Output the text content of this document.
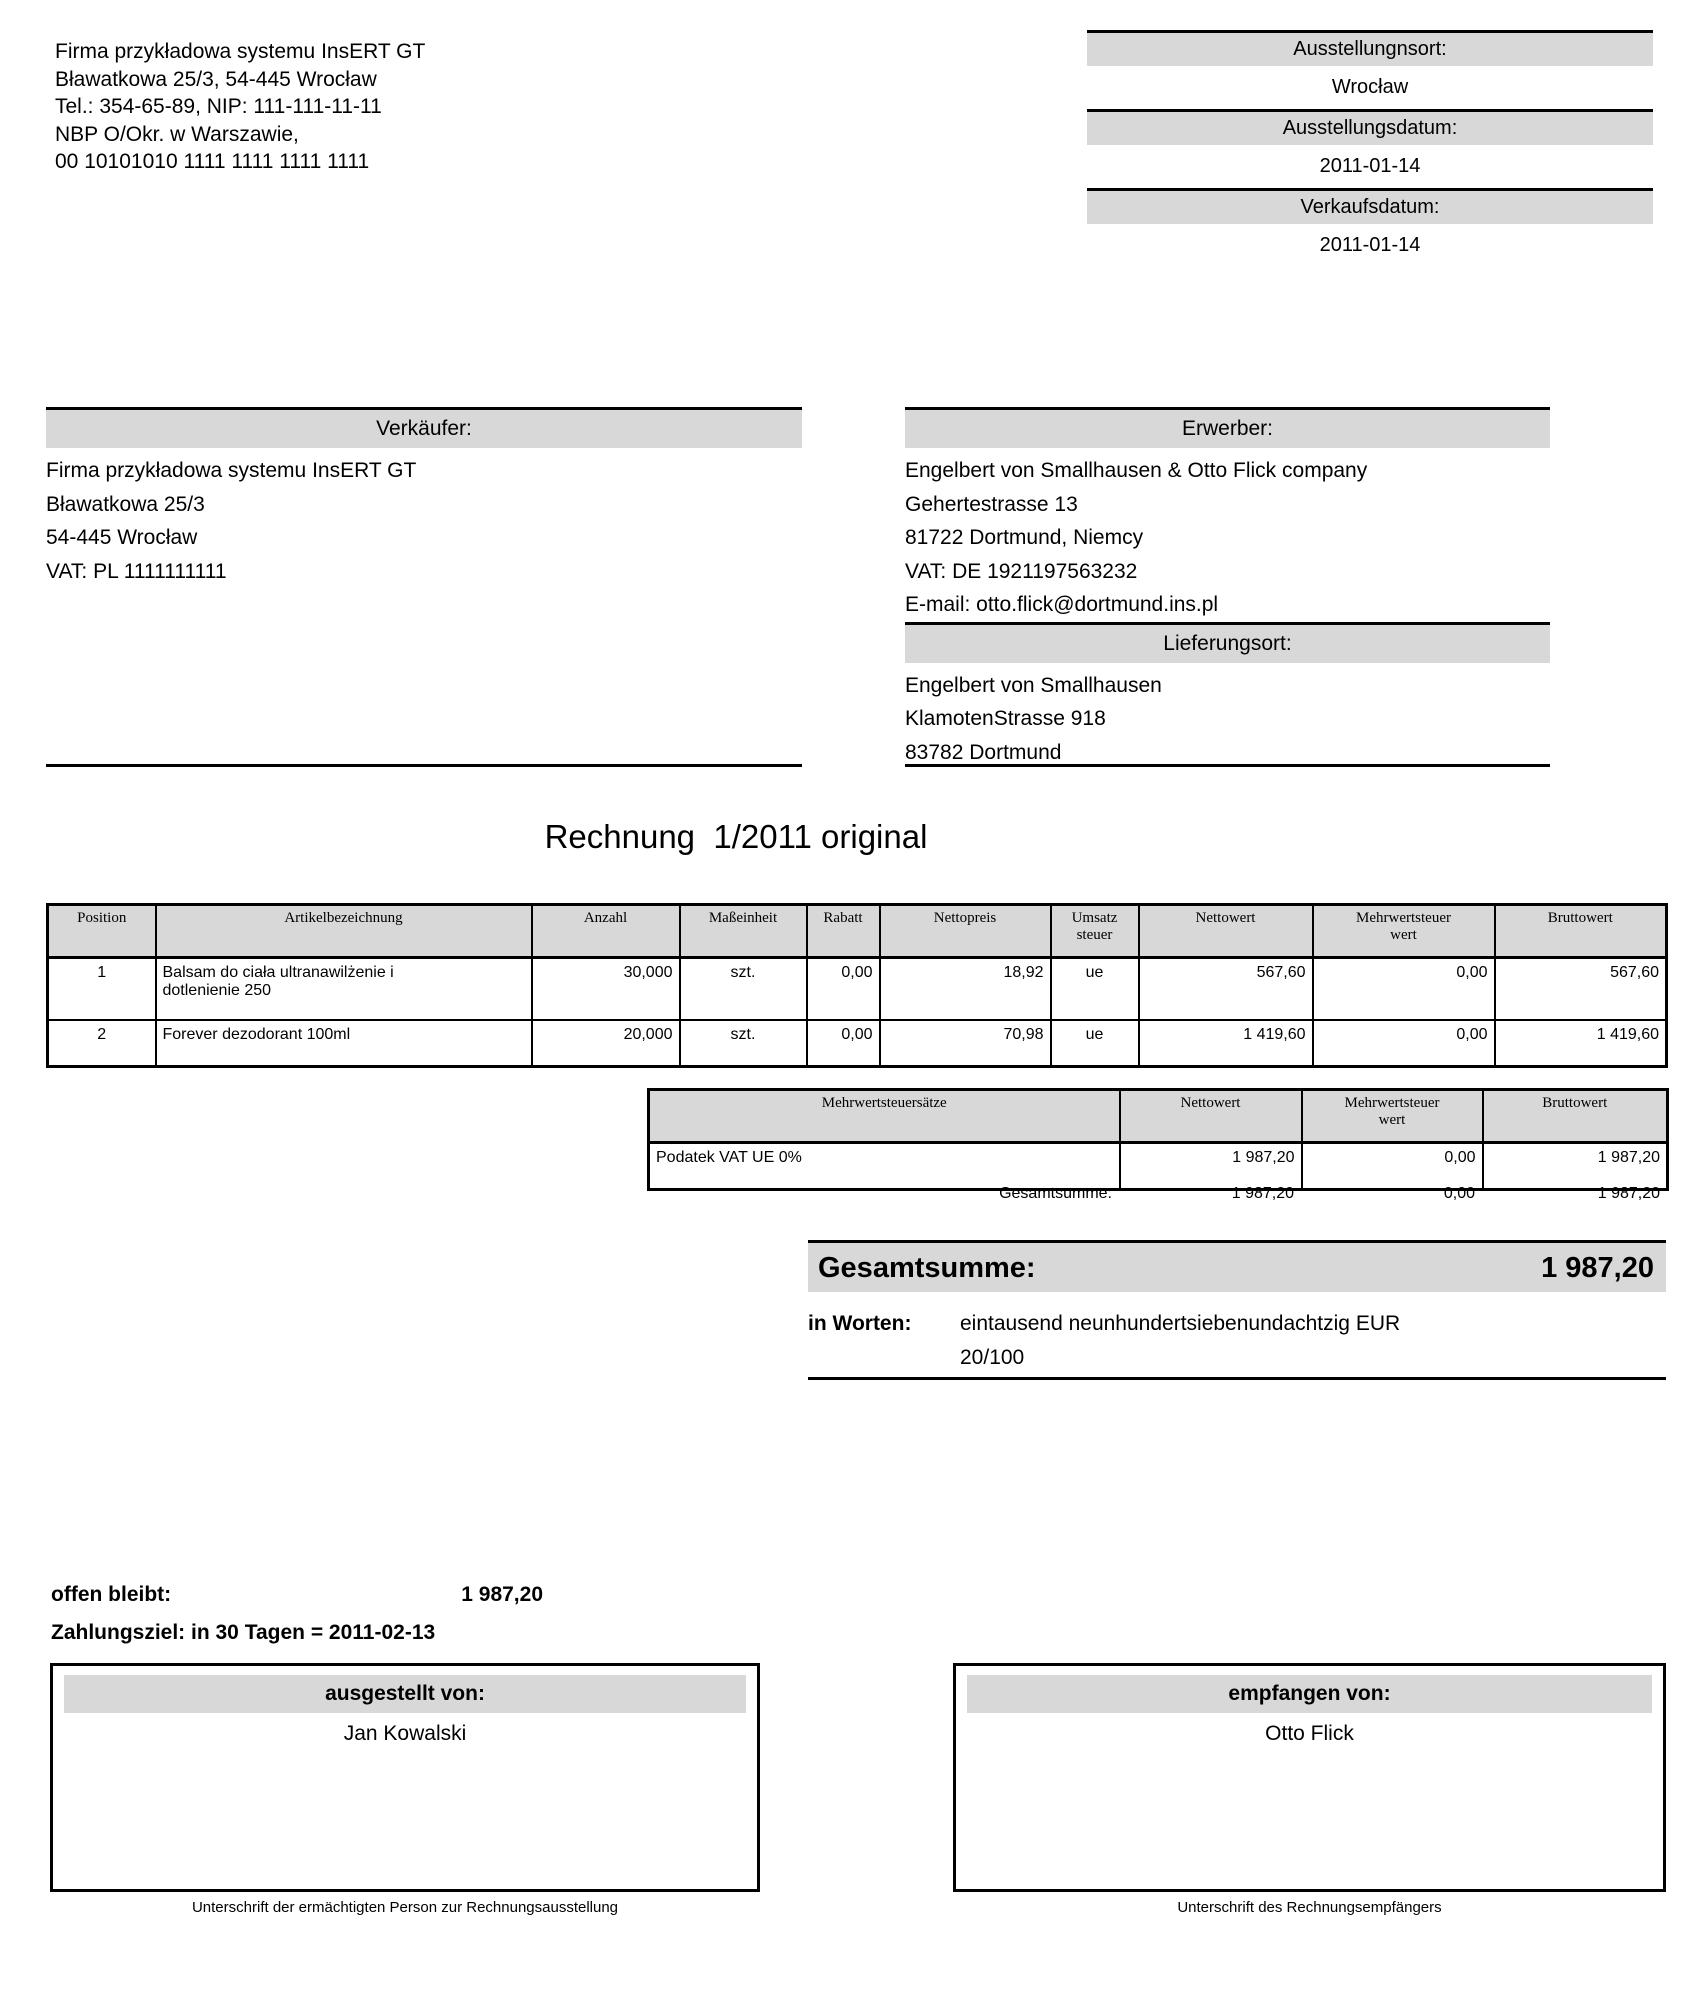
Firma przykładowa systemu InsERT GT
Bławatkowa 25/3, 54-445 Wrocław
Tel.: 354-65-89, NIP: 111-111-11-11
NBP O/Okr. w Warszawie,
00 10101010 1111 1111 1111 1111
Ausstellungnsort:
Wrocław
Ausstellungsdatum:
2011-01-14
Verkaufsdatum:
2011-01-14
Verkäufer:
Firma przykładowa systemu InsERT GT
Bławatkowa 25/3
54-445 Wrocław
VAT: PL 1111111111
Erwerber:
Engelbert von Smallhausen & Otto Flick company
Gehertestrasse 13
81722 Dortmund, Niemcy
VAT: DE 1921197563232
E-mail: otto.flick@dortmund.ins.pl
Lieferungsort:
Engelbert von Smallhausen
KlamotenStrasse 918
83782 Dortmund
Rechnung  1/2011 original
Position	Artikelbezeichnung	Anzahl	Maßeinheit	Rabatt	Nettopreis	Umsatz steuer	Nettowert	Mehrwertsteuer wert	Bruttowert
1	Balsam do ciała ultranawilżenie i dotlenienie 250	30,000	szt.	0,00	18,92	ue	567,60	0,00	567,60
2	Forever dezodorant 100ml	20,000	szt.	0,00	70,98	ue	1 419,60	0,00	1 419,60
Mehrwertsteuersätze	Nettowert	Mehrwertsteuer wert	Bruttowert
Podatek VAT UE 0%	1 987,20	0,00	1 987,20
Gesamtsumme:	1 987,20	0,00	1 987,20
Gesamtsumme:	1 987,20
in Worten:	eintausend neunhundertsiebenundachtzig EUR
20/100
offen bleibt:	1 987,20
Zahlungsziel: in 30 Tagen = 2011-02-13
ausgestellt von:
Jan Kowalski
empfangen von:
Otto Flick
Unterschrift der ermächtigten Person zur Rechnungsausstellung	Unterschrift des Rechnungsempfängers
